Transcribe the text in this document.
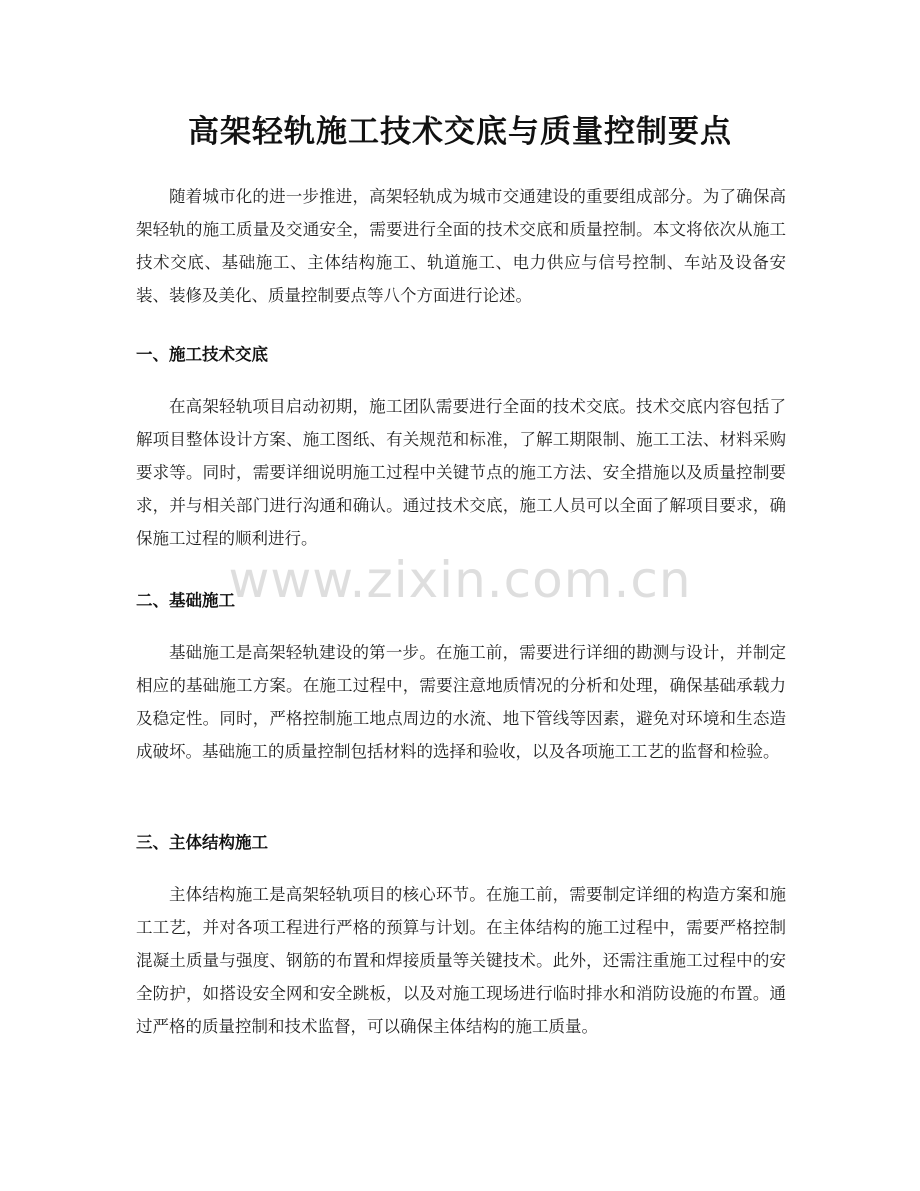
高架轻轨施工技术交底与质量控制要点

随着城市化的进一步推进，高架轻轨成为城市交通建设的重要组成部分。为了确保高架轻轨的施工质量及交通安全，需要进行全面的技术交底和质量控制。本文将依次从施工技术交底、基础施工、主体结构施工、轨道施工、电力供应与信号控制、车站及设备安装、装修及美化、质量控制要点等八个方面进行论述。

一、施工技术交底

在高架轻轨项目启动初期，施工团队需要进行全面的技术交底。技术交底内容包括了解项目整体设计方案、施工图纸、有关规范和标准，了解工期限制、施工工法、材料采购要求等。同时，需要详细说明施工过程中关键节点的施工方法、安全措施以及质量控制要求，并与相关部门进行沟通和确认。通过技术交底，施工人员可以全面了解项目要求，确保施工过程的顺利进行。

二、基础施工

基础施工是高架轻轨建设的第一步。在施工前，需要进行详细的勘测与设计，并制定相应的基础施工方案。在施工过程中，需要注意地质情况的分析和处理，确保基础承载力及稳定性。同时，严格控制施工地点周边的水流、地下管线等因素，避免对环境和生态造成破坏。基础施工的质量控制包括材料的选择和验收，以及各项施工工艺的监督和检验。

三、主体结构施工

主体结构施工是高架轻轨项目的核心环节。在施工前，需要制定详细的构造方案和施工工艺，并对各项工程进行严格的预算与计划。在主体结构的施工过程中，需要严格控制混凝土质量与强度、钢筋的布置和焊接质量等关键技术。此外，还需注重施工过程中的安全防护，如搭设安全网和安全跳板，以及对施工现场进行临时排水和消防设施的布置。通过严格的质量控制和技术监督，可以确保主体结构的施工质量。

www.zixin.com.cn
